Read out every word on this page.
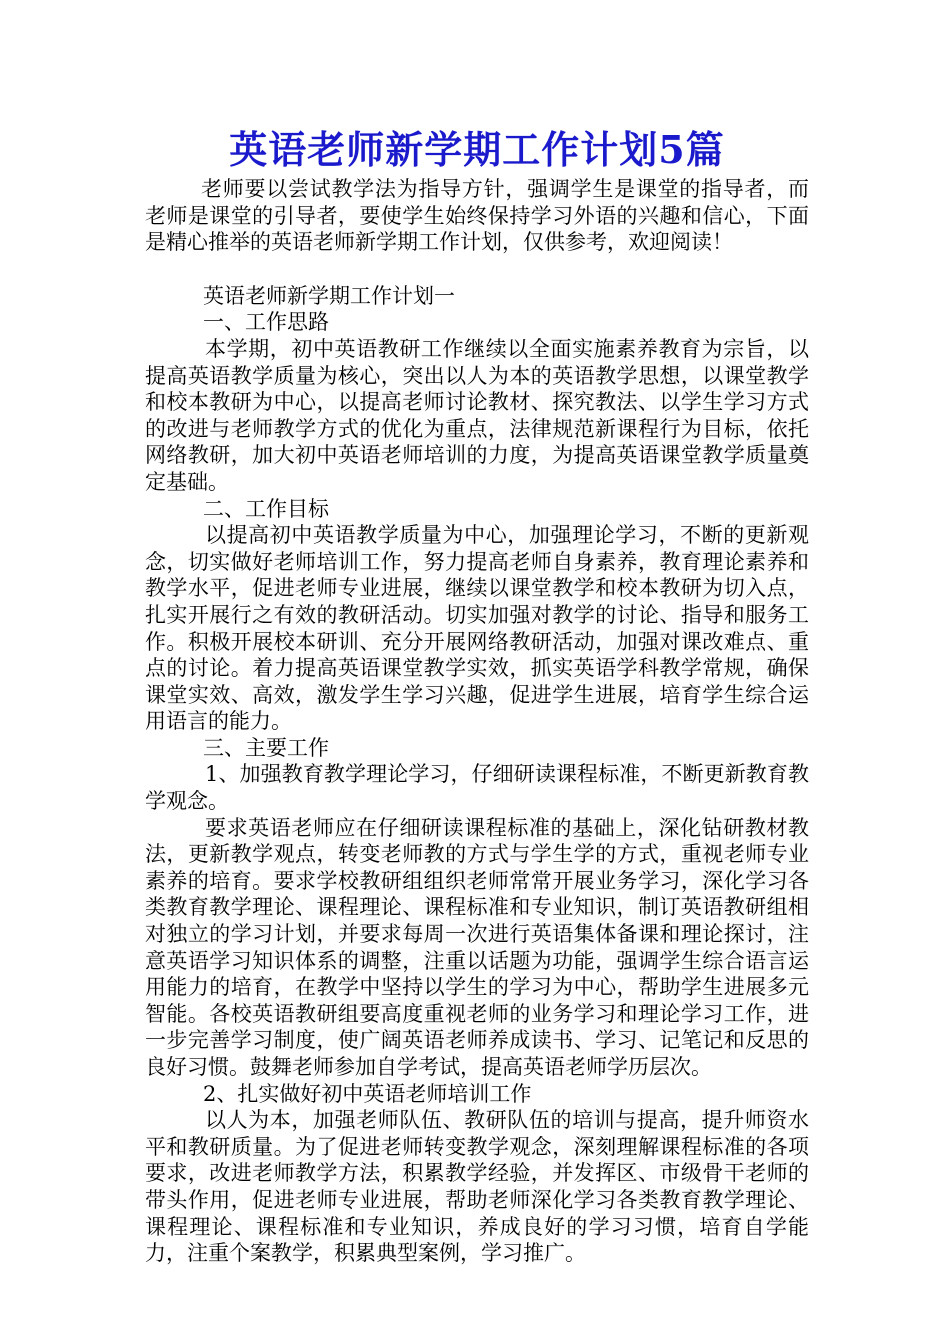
英语老师新学期工作计划5篇

老师要以尝试教学法为指导方针，强调学生是课堂的指导者，而老师是课堂的引导者，要使学生始终保持学习外语的兴趣和信心，下面是精心推举的英语老师新学期工作计划，仅供参考，欢迎阅读！

英语老师新学期工作计划一

一、工作思路

本学期，初中英语教研工作继续以全面实施素养教育为宗旨，以提高英语教学质量为核心，突出以人为本的英语教学思想，以课堂教学和校本教研为中心，以提高老师讨论教材、探究教法、以学生学习方式的改进与老师教学方式的优化为重点，法律规范新课程行为目标，依托网络教研，加大初中英语老师培训的力度，为提高英语课堂教学质量奠定基础。

二、工作目标

以提高初中英语教学质量为中心，加强理论学习，不断的更新观念，切实做好老师培训工作，努力提高老师自身素养，教育理论素养和教学水平，促进老师专业进展，继续以课堂教学和校本教研为切入点，扎实开展行之有效的教研活动。切实加强对教学的讨论、指导和服务工作。积极开展校本研训、充分开展网络教研活动，加强对课改难点、重点的讨论。着力提高英语课堂教学实效，抓实英语学科教学常规，确保课堂实效、高效，激发学生学习兴趣，促进学生进展，培育学生综合运用语言的能力。

三、主要工作

1、加强教育教学理论学习，仔细研读课程标准，不断更新教育教学观念。

要求英语老师应在仔细研读课程标准的基础上，深化钻研教材教法，更新教学观点，转变老师教的方式与学生学的方式，重视老师专业素养的培育。要求学校教研组组织老师常常开展业务学习，深化学习各类教育教学理论、课程理论、课程标准和专业知识，制订英语教研组相对独立的学习计划，并要求每周一次进行英语集体备课和理论探讨，注意英语学习知识体系的调整，注重以话题为功能，强调学生综合语言运用能力的培育，在教学中坚持以学生的学习为中心，帮助学生进展多元智能。各校英语教研组要高度重视老师的业务学习和理论学习工作，进一步完善学习制度，使广阔英语老师养成读书、学习、记笔记和反思的良好习惯。鼓舞老师参加自学考试，提高英语老师学历层次。

2、扎实做好初中英语老师培训工作

以人为本，加强老师队伍、教研队伍的培训与提高，提升师资水平和教研质量。为了促进老师转变教学观念，深刻理解课程标准的各项要求，改进老师教学方法，积累教学经验，并发挥区、市级骨干老师的带头作用，促进老师专业进展，帮助老师深化学习各类教育教学理论、课程理论、课程标准和专业知识，养成良好的学习习惯，培育自学能力，注重个案教学，积累典型案例，学习推广。
